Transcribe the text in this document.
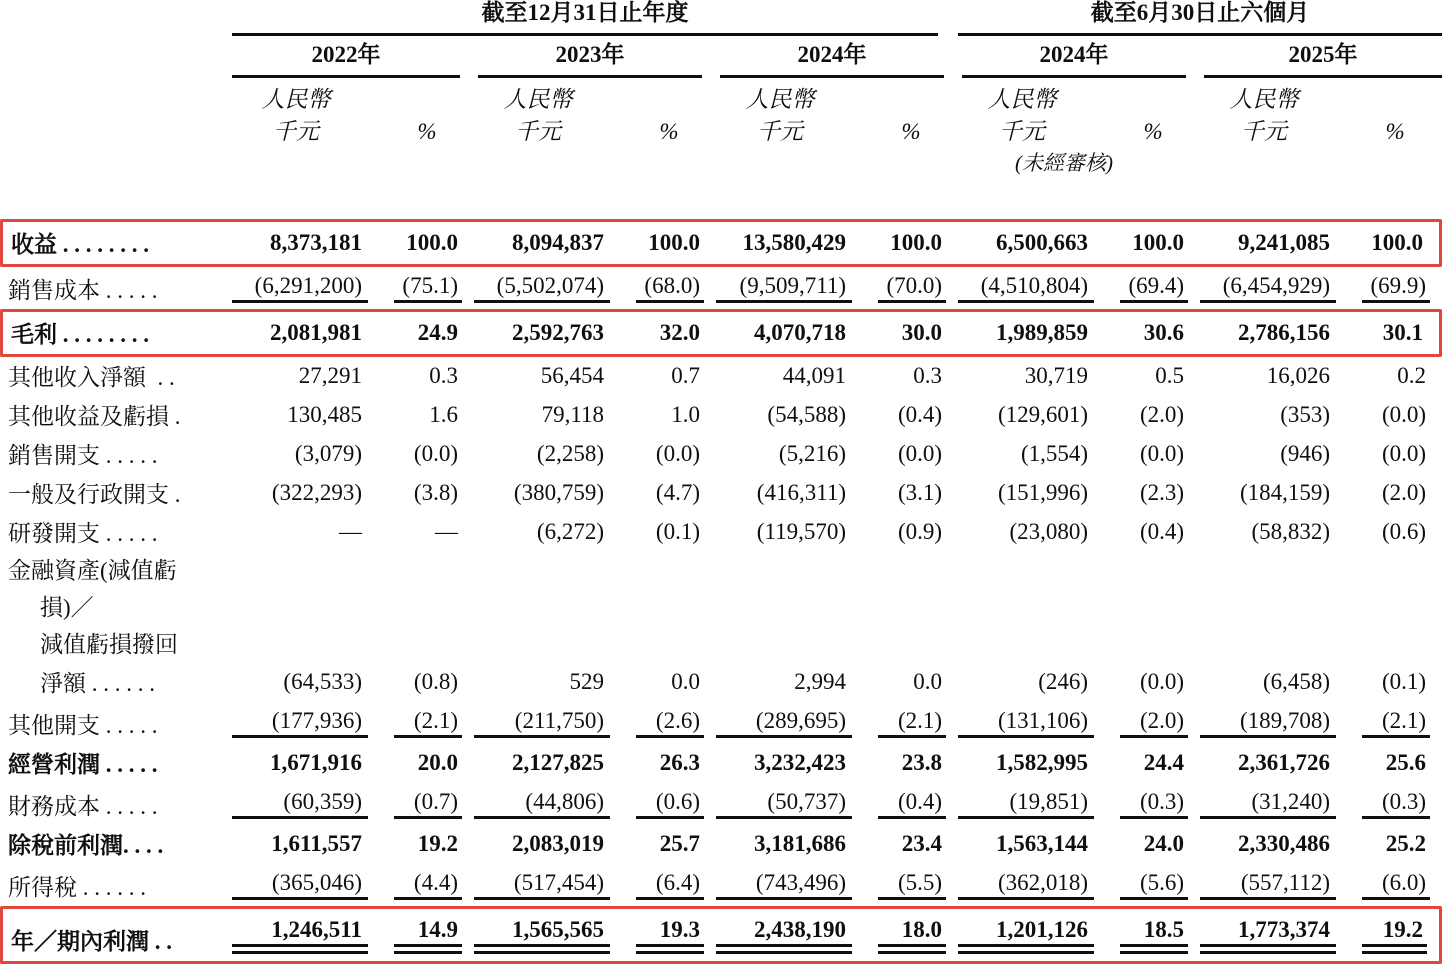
	截至12月31日止年度						截至6月30日止六個月			

	2022年		2023年		2024年		2024年		2025年	

	人民幣		人民幣		人民幣		人民幣		人民幣	
	千元	%	千元	%	千元	%	千元	%	千元	%
							(未經審核)			

收益 . . . . . . . .	8,373,181	100.0	8,094,837	100.0	13,580,429	100.0	6,500,663	100.0	9,241,085	100.0

銷售成本 . . . . .	(6,291,200)	(75.1)	(5,502,074)	(68.0)	(9,509,711)	(70.0)	(4,510,804)	(69.4)	(6,454,929)	(69.9)

毛利 . . . . . . . .	2,081,981	24.9	2,592,763	32.0	4,070,718	30.0	1,989,859	30.6	2,786,156	30.1

其他收入淨額  . .	27,291	0.3	56,454	0.7	44,091	0.3	30,719	0.5	16,026	0.2

其他收益及虧損 .	130,485	1.6	79,118	1.0	(54,588)	(0.4)	(129,601)	(2.0)	(353)	(0.0)

銷售開支 . . . . .	(3,079)	(0.0)	(2,258)	(0.0)	(5,216)	(0.0)	(1,554)	(0.0)	(946)	(0.0)

一般及行政開支 .	(322,293)	(3.8)	(380,759)	(4.7)	(416,311)	(3.1)	(151,996)	(2.3)	(184,159)	(2.0)

研發開支 . . . . .	—	—	(6,272)	(0.1)	(119,570)	(0.9)	(23,080)	(0.4)	(58,832)	(0.6)

金融資產(減值虧	

損)／	

減值虧損撥回	

淨額 . . . . . .	(64,533)	(0.8)	529	0.0	2,994	0.0	(246)	(0.0)	(6,458)	(0.1)

其他開支 . . . . .	(177,936)	(2.1)	(211,750)	(2.6)	(289,695)	(2.1)	(131,106)	(2.0)	(189,708)	(2.1)

經營利潤 . . . . .	1,671,916	20.0	2,127,825	26.3	3,232,423	23.8	1,582,995	24.4	2,361,726	25.6

財務成本 . . . . .	(60,359)	(0.7)	(44,806)	(0.6)	(50,737)	(0.4)	(19,851)	(0.3)	(31,240)	(0.3)

除稅前利潤. . . .	1,611,557	19.2	2,083,019	25.7	3,181,686	23.4	1,563,144	24.0	2,330,486	25.2

所得稅 . . . . . .	(365,046)	(4.4)	(517,454)	(6.4)	(743,496)	(5.5)	(362,018)	(5.6)	(557,112)	(6.0)

年／期內利潤 . .	1,246,511	14.9	1,565,565	19.3	2,438,190	18.0	1,201,126	18.5	1,773,374	19.2
